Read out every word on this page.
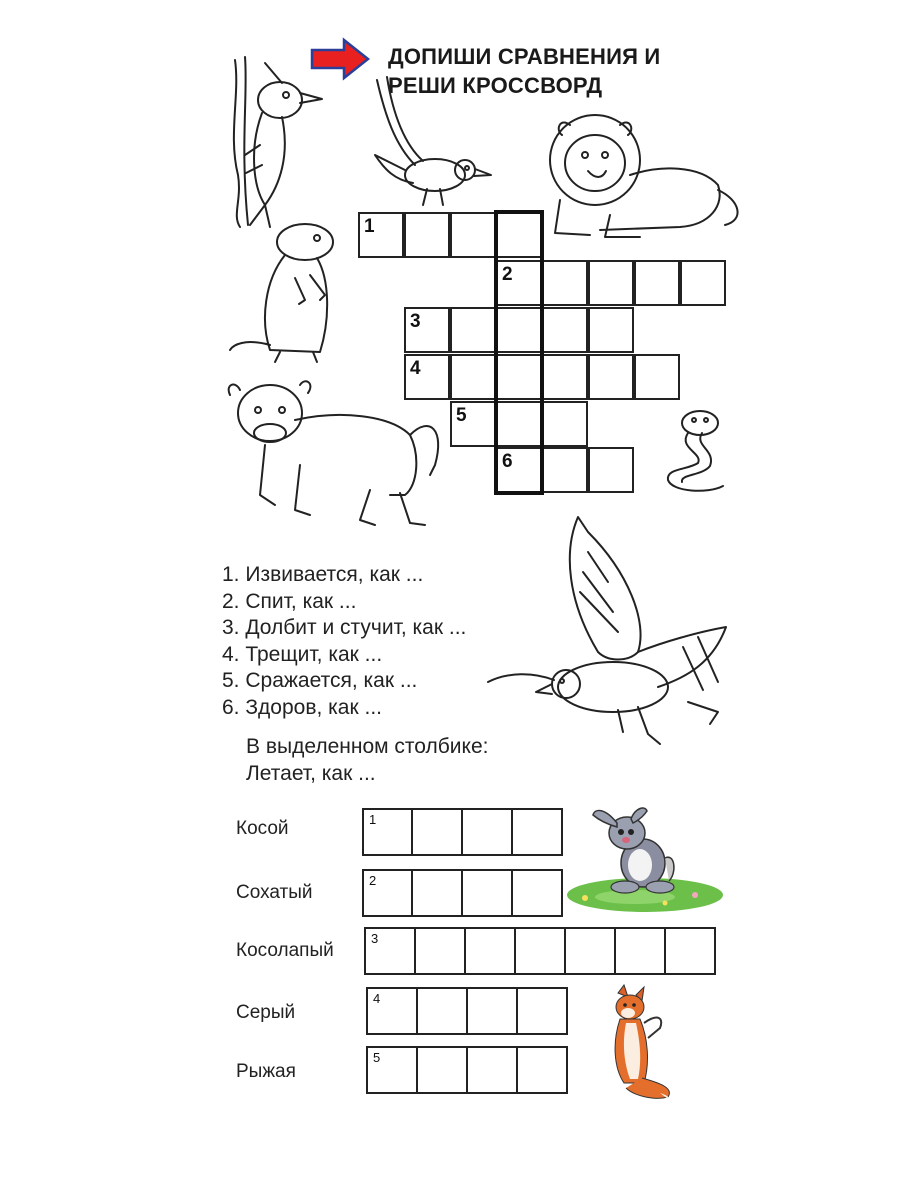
ДОПИШИ СРАВНЕНИЯ И
РЕШИ КРОССВОРД
1
2
3
4
5
6
1. Извивается, как ...
2. Спит, как ...
3. Долбит и стучит, как ...
4. Трещит, как ...
5. Сражается, как ...
6. Здоров, как ...
В выделенном столбике:
Летает, как ...
Косой	1
Сохатый
2
Косолапый
3
Серый
4
Рыжая
5
